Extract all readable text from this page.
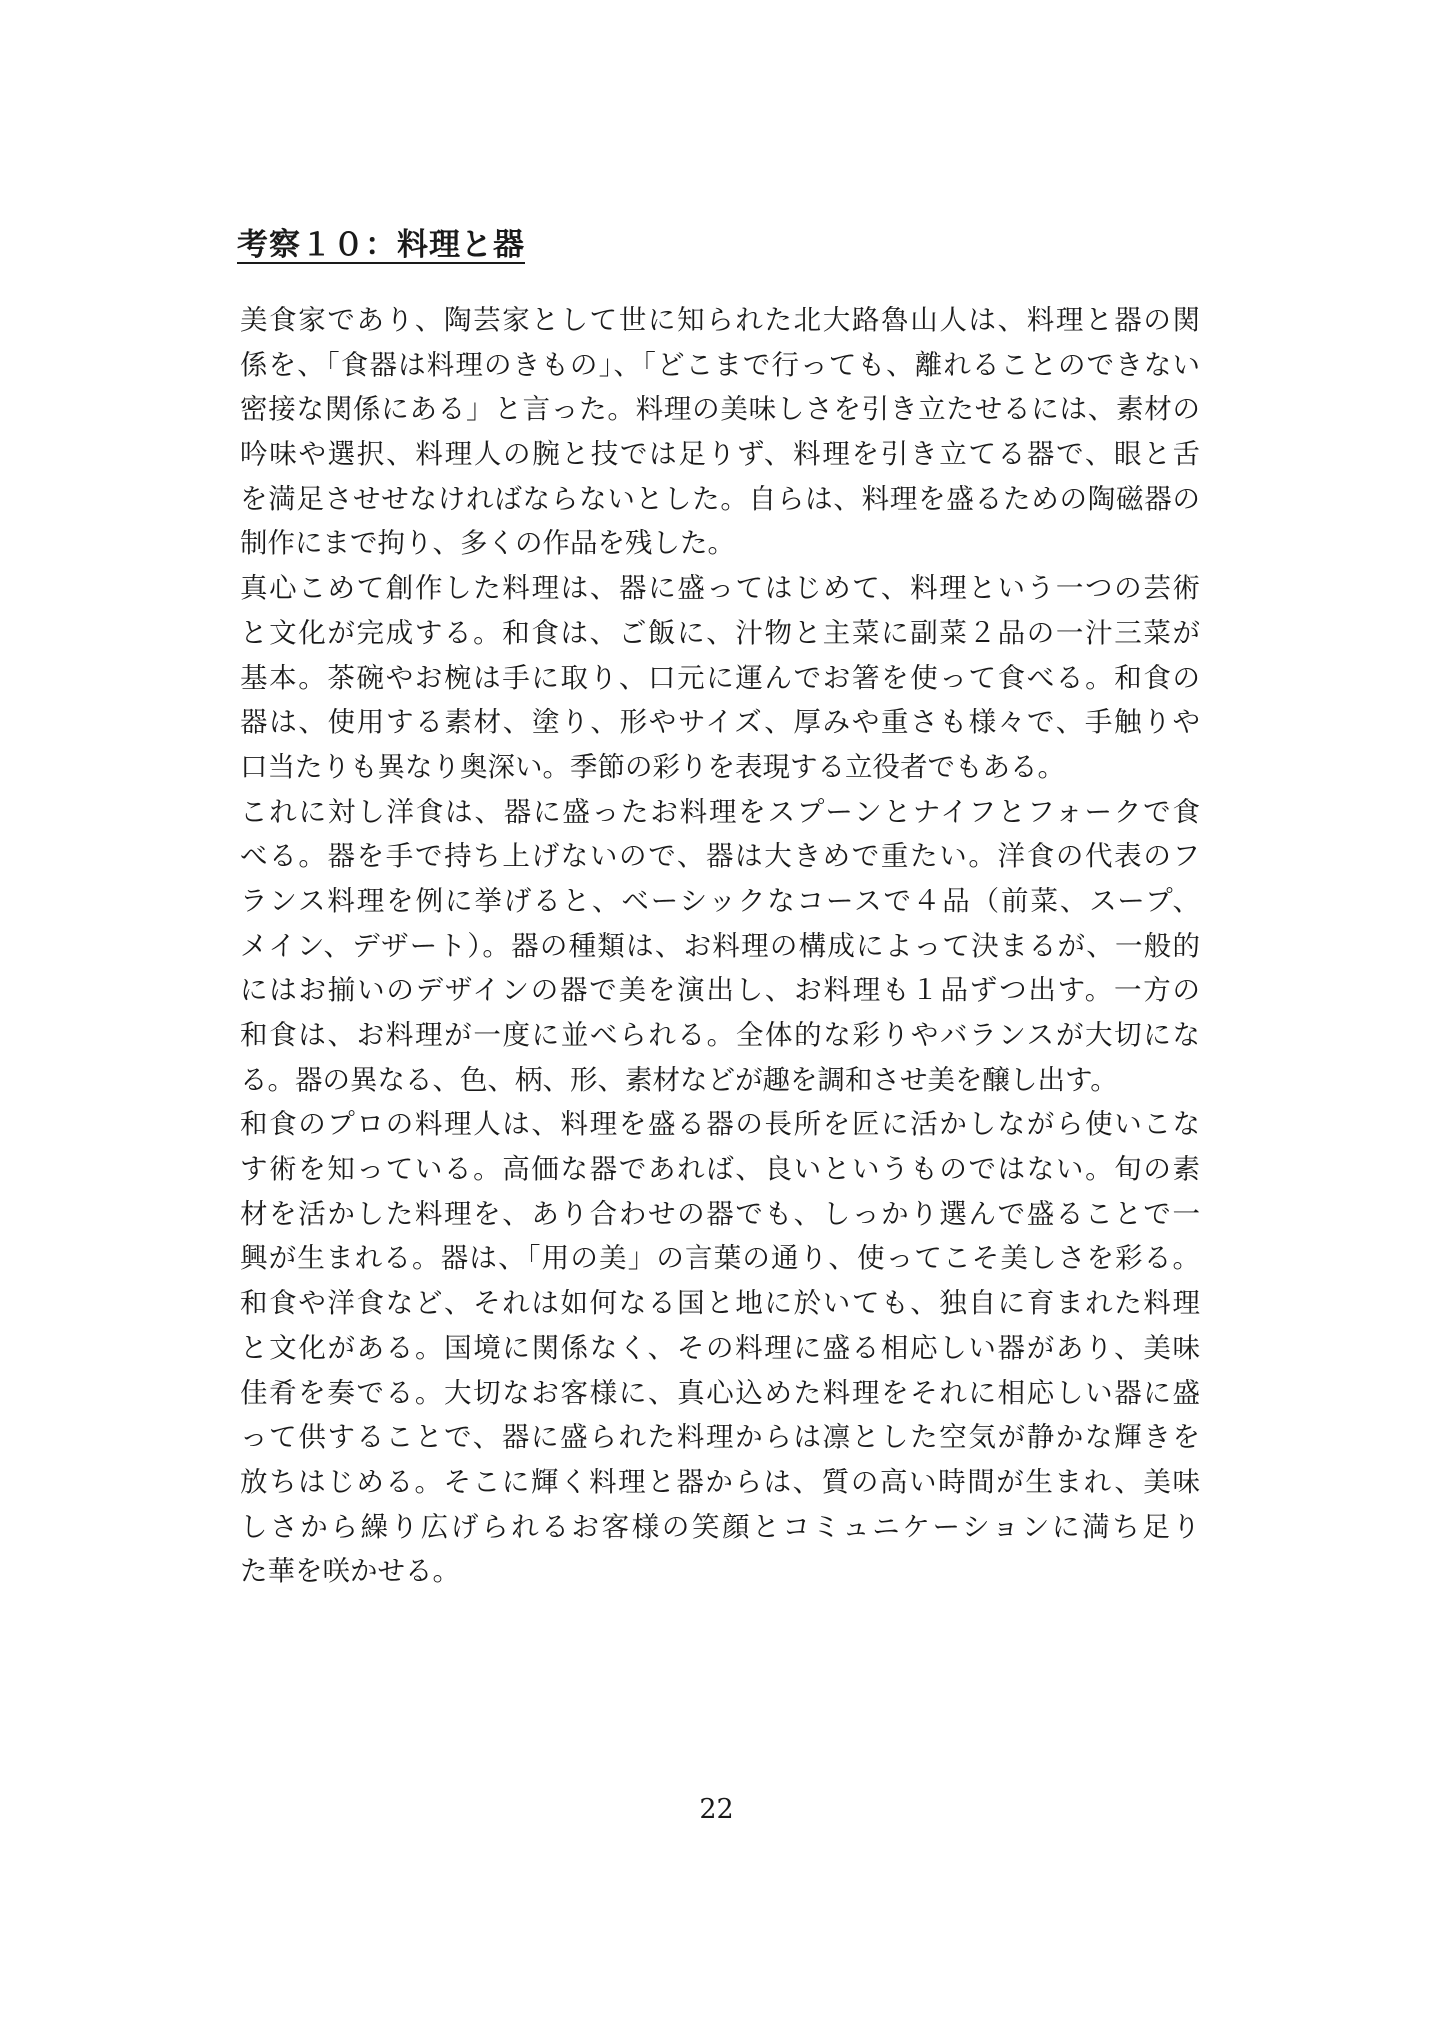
考察１０：料理と器
美食家であり、陶芸家として世に知られた北大路魯山人は、料理と器の関
係を、「食器は料理のきもの」、「どこまで行っても、離れることのできない
密接な関係にある」と言った。料理の美味しさを引き立たせるには、素材の
吟味や選択、料理人の腕と技では足りず、料理を引き立てる器で、眼と舌
を満足させせなければならないとした。自らは、料理を盛るための陶磁器の
制作にまで拘り、多くの作品を残した。
真心こめて創作した料理は、器に盛ってはじめて、料理という一つの芸術
と文化が完成する。和食は、ご飯に、汁物と主菜に副菜２品の一汁三菜が
基本。茶碗やお椀は手に取り、口元に運んでお箸を使って食べる。和食の
器は、使用する素材、塗り、形やサイズ、厚みや重さも様々で、手触りや
口当たりも異なり奥深い。季節の彩りを表現する立役者でもある。
これに対し洋食は、器に盛ったお料理をスプーンとナイフとフォークで食
べる。器を手で持ち上げないので、器は大きめで重たい。洋食の代表のフ
ランス料理を例に挙げると、ベーシックなコースで４品（前菜、スープ、
メイン、デザート）。器の種類は、お料理の構成によって決まるが、一般的
にはお揃いのデザインの器で美を演出し、お料理も１品ずつ出す。一方の
和食は、お料理が一度に並べられる。全体的な彩りやバランスが大切にな
る。器の異なる、色、柄、形、素材などが趣を調和させ美を醸し出す。
和食のプロの料理人は、料理を盛る器の長所を匠に活かしながら使いこな
す術を知っている。高価な器であれば、良いというものではない。旬の素
材を活かした料理を、あり合わせの器でも、しっかり選んで盛ることで一
興が生まれる。器は、「用の美」の言葉の通り、使ってこそ美しさを彩る。
和食や洋食など、それは如何なる国と地に於いても、独自に育まれた料理
と文化がある。国境に関係なく、その料理に盛る相応しい器があり、美味
佳肴を奏でる。大切なお客様に、真心込めた料理をそれに相応しい器に盛
って供することで、器に盛られた料理からは凛とした空気が静かな輝きを
放ちはじめる。そこに輝く料理と器からは、質の高い時間が生まれ、美味
しさから繰り広げられるお客様の笑顔とコミュニケーションに満ち足り
た華を咲かせる。
22
